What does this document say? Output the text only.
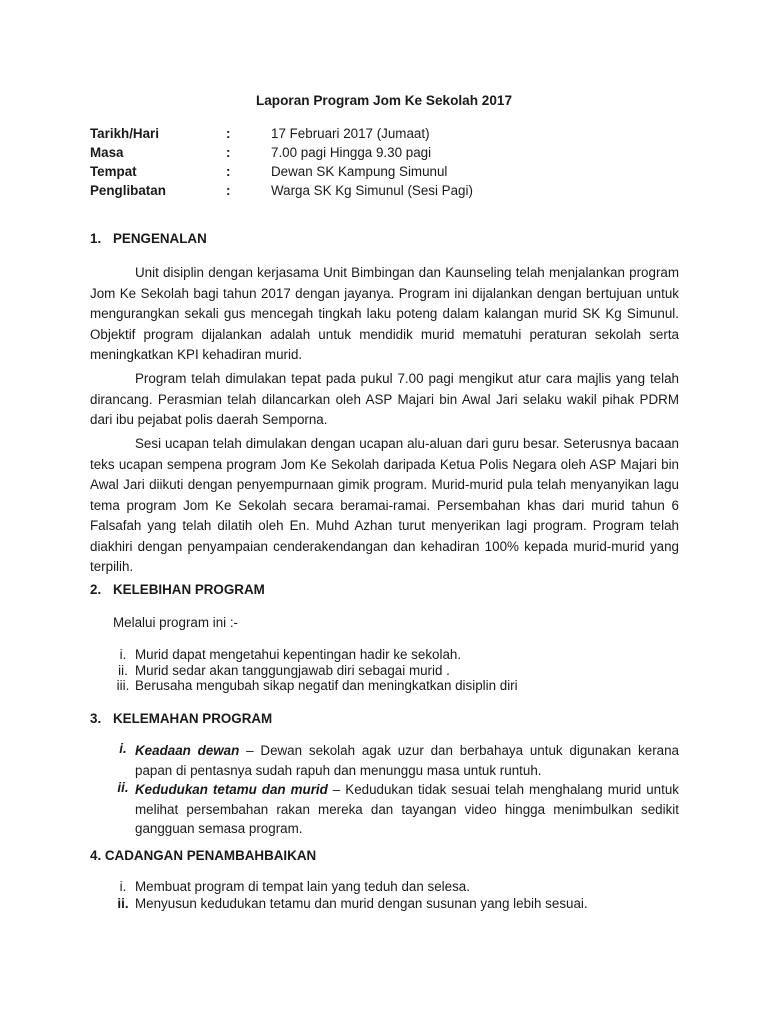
Laporan Program Jom Ke Sekolah 2017
Tarikh/Hari	:	17 Februari 2017 (Jumaat)
Masa	:	7.00 pagi Hingga 9.30 pagi
Tempat	:	Dewan SK Kampung Simunul
Penglibatan	:	Warga SK Kg Simunul (Sesi Pagi)
1. PENGENALAN

Unit disiplin dengan kerjasama Unit Bimbingan dan Kaunseling telah menjalankan program Jom Ke Sekolah bagi tahun 2017 dengan jayanya. Program ini dijalankan dengan bertujuan untuk mengurangkan sekali gus mencegah tingkah laku poteng dalam kalangan murid SK Kg Simunul. Objektif program dijalankan adalah untuk mendidik murid mematuhi peraturan sekolah serta meningkatkan KPI kehadiran murid.

Program telah dimulakan tepat pada pukul 7.00 pagi mengikut atur cara majlis yang telah dirancang. Perasmian telah dilancarkan oleh ASP Majari bin Awal Jari selaku wakil pihak PDRM dari ibu pejabat polis daerah Semporna.

Sesi ucapan telah dimulakan dengan ucapan alu-aluan dari guru besar. Seterusnya bacaan teks ucapan sempena program Jom Ke Sekolah daripada Ketua Polis Negara oleh ASP Majari bin Awal Jari diikuti dengan penyempurnaan gimik program. Murid-murid pula telah menyanyikan lagu tema program Jom Ke Sekolah secara beramai-ramai. Persembahan khas dari murid tahun 6 Falsafah yang telah dilatih oleh En. Muhd Azhan turut menyerikan lagi program. Program telah diakhiri dengan penyampaian cenderakendangan dan kehadiran 100% kepada murid-murid yang terpilih.

2. KELEBIHAN PROGRAM
Melalui program ini :-
i. Murid dapat mengetahui kepentingan hadir ke sekolah.
ii. Murid sedar akan tanggungjawab diri sebagai murid .
iii. Berusaha mengubah sikap negatif dan meningkatkan disiplin diri
3. KELEMAHAN PROGRAM
i. Keadaan dewan – Dewan sekolah agak uzur dan berbahaya untuk digunakan kerana papan di pentasnya sudah rapuh dan menunggu masa untuk runtuh.
ii. Kedudukan tetamu dan murid – Kedudukan tidak sesuai telah menghalang murid untuk melihat persembahan rakan mereka dan tayangan video hingga menimbulkan sedikit gangguan semasa program.
4. CADANGAN PENAMBAHBAIKAN
i. Membuat program di tempat lain yang teduh dan selesa.
ii. Menyusun kedudukan tetamu dan murid dengan susunan yang lebih sesuai.
